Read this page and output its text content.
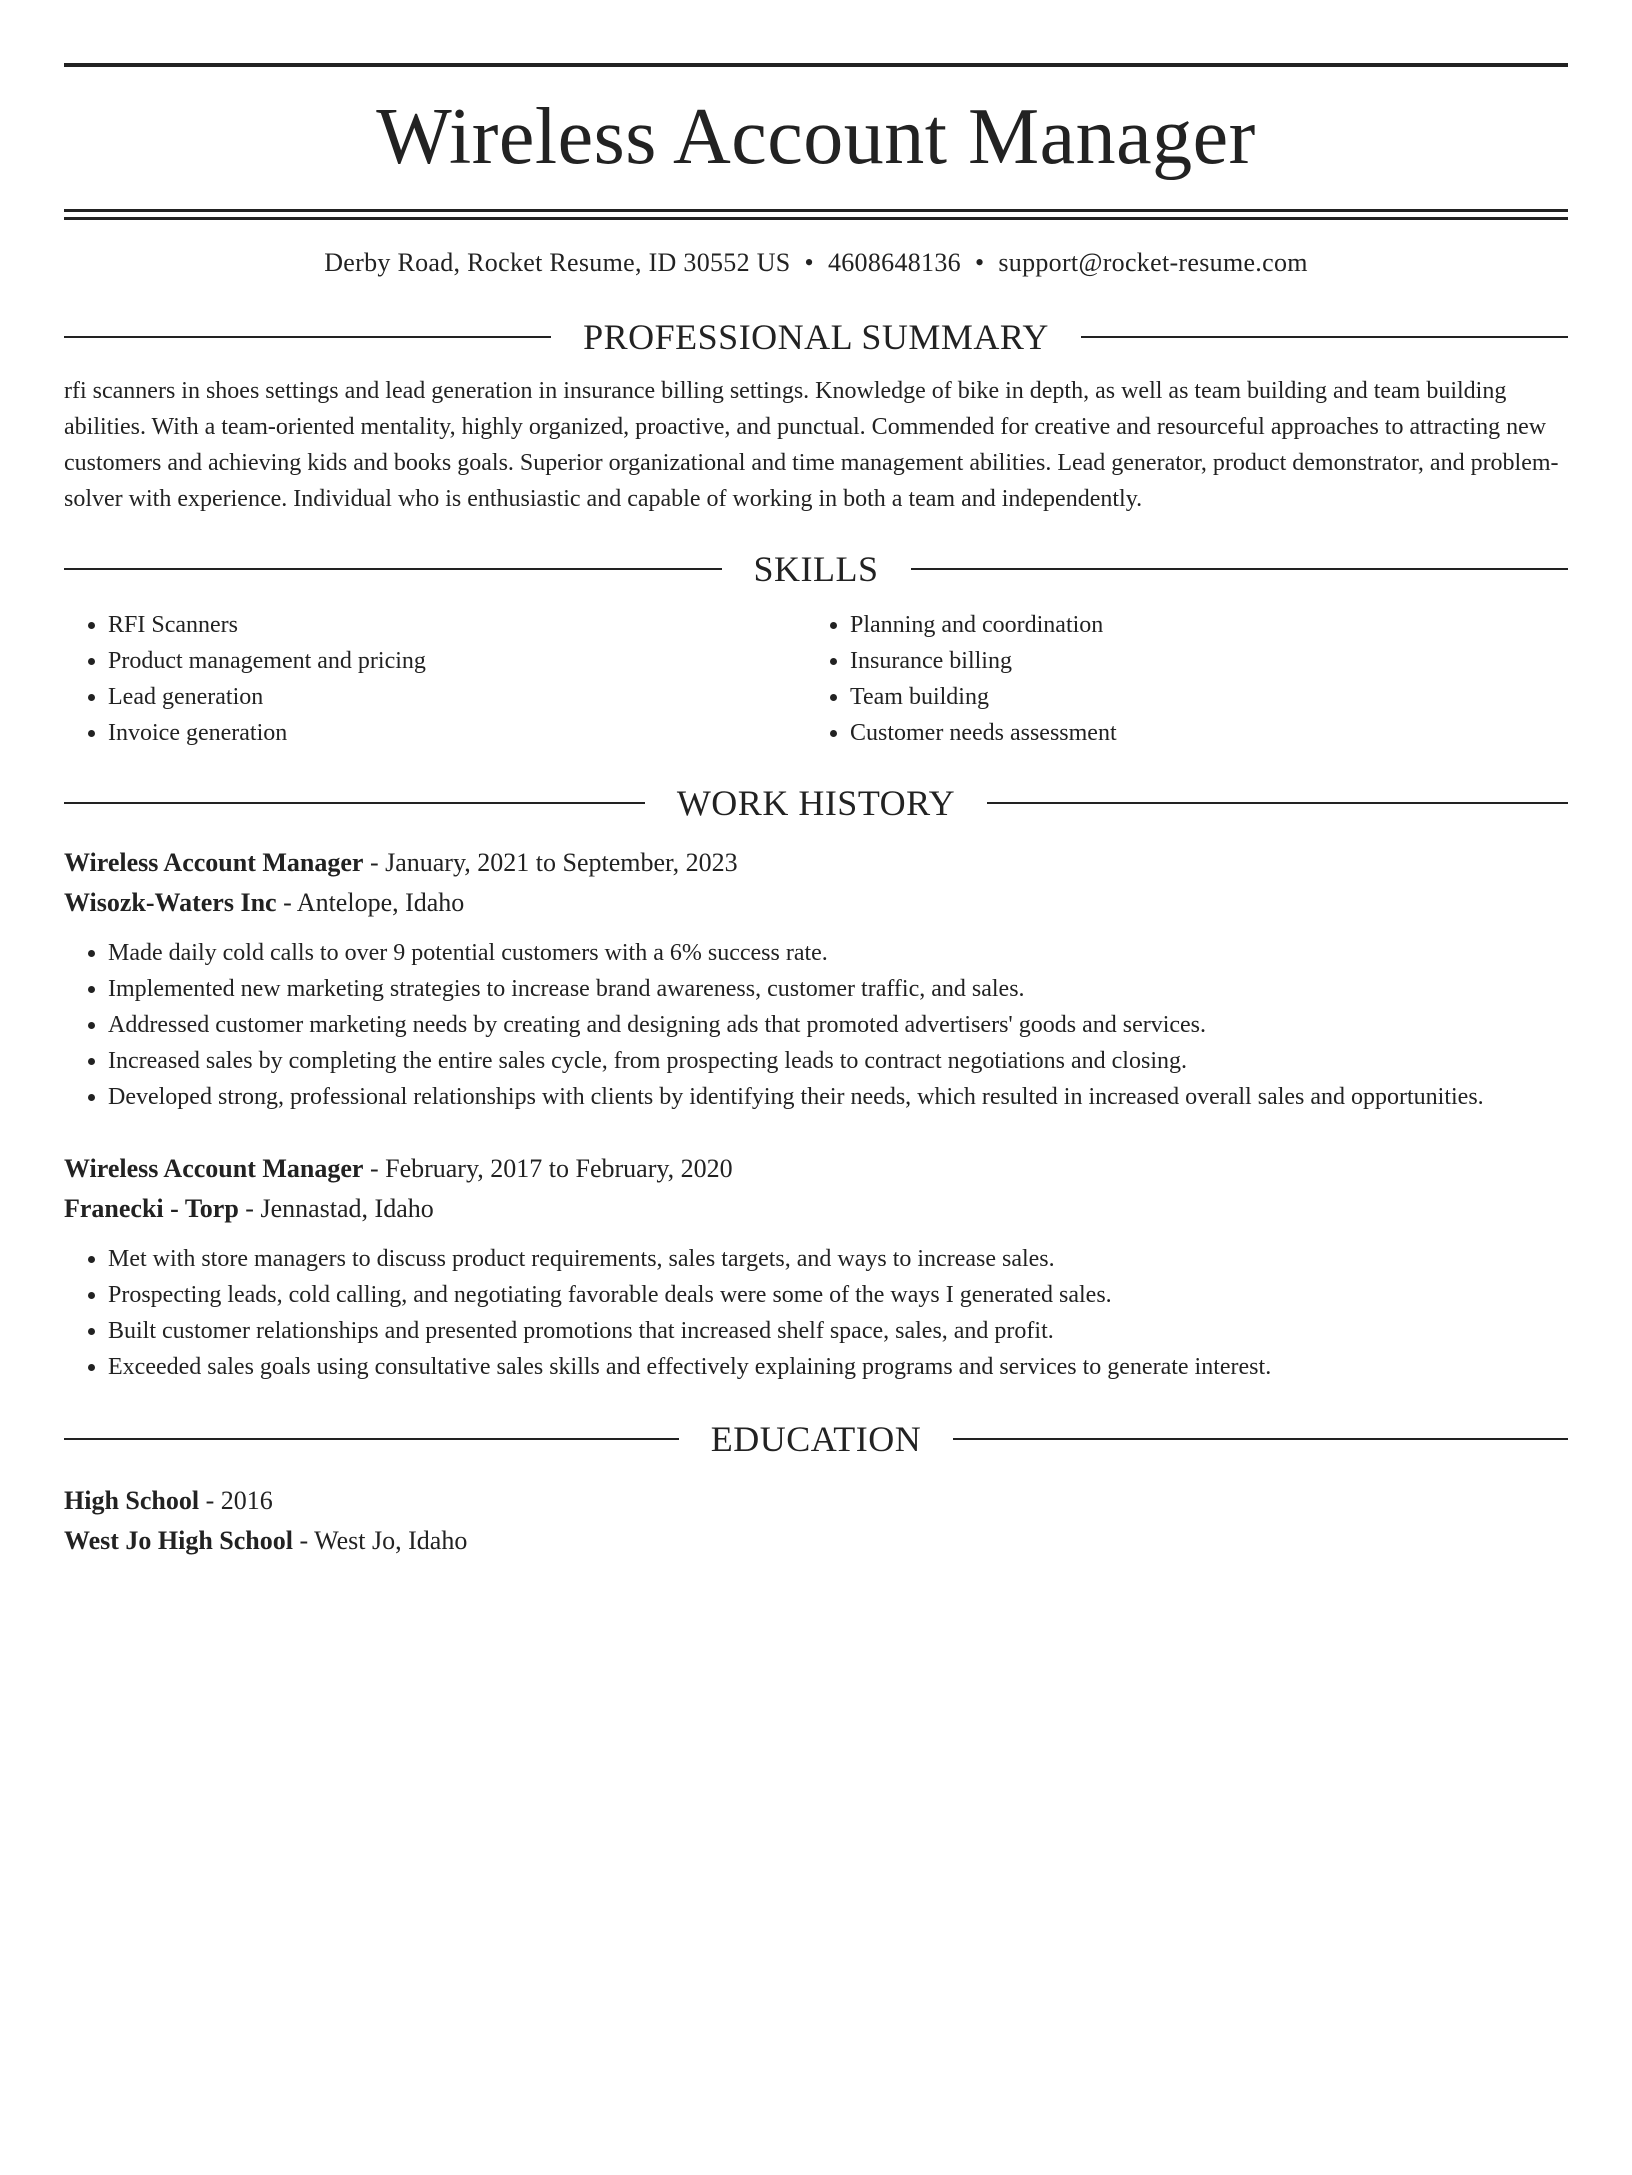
Wireless Account Manager
Derby Road, Rocket Resume, ID 30552 US • 4608648136 • support@rocket-resume.com
PROFESSIONAL SUMMARY

rfi scanners in shoes settings and lead generation in insurance billing settings. Knowledge of bike in depth, as well as team building and team building abilities. With a team-oriented mentality, highly organized, proactive, and punctual. Commended for creative and resourceful approaches to attracting new customers and achieving kids and books goals. Superior organizational and time management abilities. Lead generator, product demonstrator, and problem-solver with experience. Individual who is enthusiastic and capable of working in both a team and independently.

SKILLS
• RFI Scanners
• Product management and pricing
• Lead generation
• Invoice generation
• Planning and coordination
• Insurance billing
• Team building
• Customer needs assessment
WORK HISTORY
Wireless Account Manager - January, 2021 to September, 2023
Wisozk-Waters Inc - Antelope, Idaho
• Made daily cold calls to over 9 potential customers with a 6% success rate.
• Implemented new marketing strategies to increase brand awareness, customer traffic, and sales.
• Addressed customer marketing needs by creating and designing ads that promoted advertisers' goods and services.
• Increased sales by completing the entire sales cycle, from prospecting leads to contract negotiations and closing.
• Developed strong, professional relationships with clients by identifying their needs, which resulted in increased overall sales and opportunities.
Wireless Account Manager - February, 2017 to February, 2020
Franecki - Torp - Jennastad, Idaho
• Met with store managers to discuss product requirements, sales targets, and ways to increase sales.
• Prospecting leads, cold calling, and negotiating favorable deals were some of the ways I generated sales.
• Built customer relationships and presented promotions that increased shelf space, sales, and profit.
• Exceeded sales goals using consultative sales skills and effectively explaining programs and services to generate interest.
EDUCATION
High School - 2016
West Jo High School - West Jo, Idaho
